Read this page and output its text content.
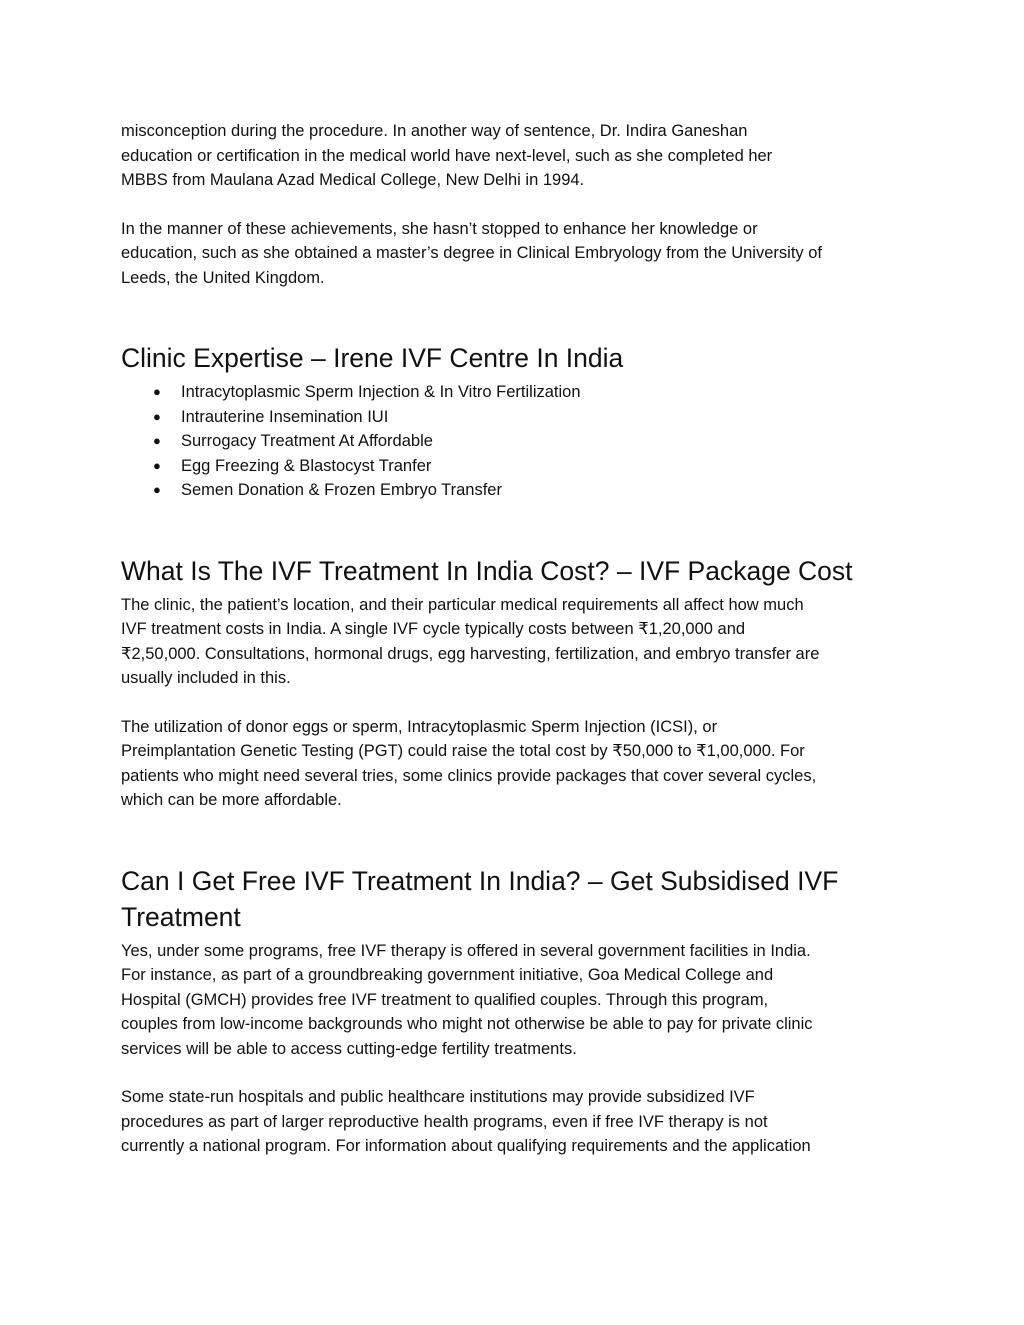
misconception during the procedure. In another way of sentence, Dr. Indira Ganeshan
education or certification in the medical world have next-level, such as she completed her
MBBS from Maulana Azad Medical College, New Delhi in 1994.

In the manner of these achievements, she hasn’t stopped to enhance her knowledge or
education, such as she obtained a master’s degree in Clinical Embryology from the University of
Leeds, the United Kingdom.

Clinic Expertise – Irene IVF Centre In India
● Intracytoplasmic Sperm Injection & In Vitro Fertilization
● Intrauterine Insemination IUI
● Surrogacy Treatment At Affordable
● Egg Freezing & Blastocyst Tranfer
● Semen Donation & Frozen Embryo Transfer
What Is The IVF Treatment In India Cost? – IVF Package Cost

The clinic, the patient’s location, and their particular medical requirements all affect how much
IVF treatment costs in India. A single IVF cycle typically costs between ₹1,20,000 and
₹2,50,000. Consultations, hormonal drugs, egg harvesting, fertilization, and embryo transfer are
usually included in this.

The utilization of donor eggs or sperm, Intracytoplasmic Sperm Injection (ICSI), or
Preimplantation Genetic Testing (PGT) could raise the total cost by ₹50,000 to ₹1,00,000. For
patients who might need several tries, some clinics provide packages that cover several cycles,
which can be more affordable.

Can I Get Free IVF Treatment In India? – Get Subsidised IVF
Treatment

Yes, under some programs, free IVF therapy is offered in several government facilities in India.
For instance, as part of a groundbreaking government initiative, Goa Medical College and
Hospital (GMCH) provides free IVF treatment to qualified couples. Through this program,
couples from low-income backgrounds who might not otherwise be able to pay for private clinic
services will be able to access cutting-edge fertility treatments.

Some state-run hospitals and public healthcare institutions may provide subsidized IVF
procedures as part of larger reproductive health programs, even if free IVF therapy is not
currently a national program. For information about qualifying requirements and the application
